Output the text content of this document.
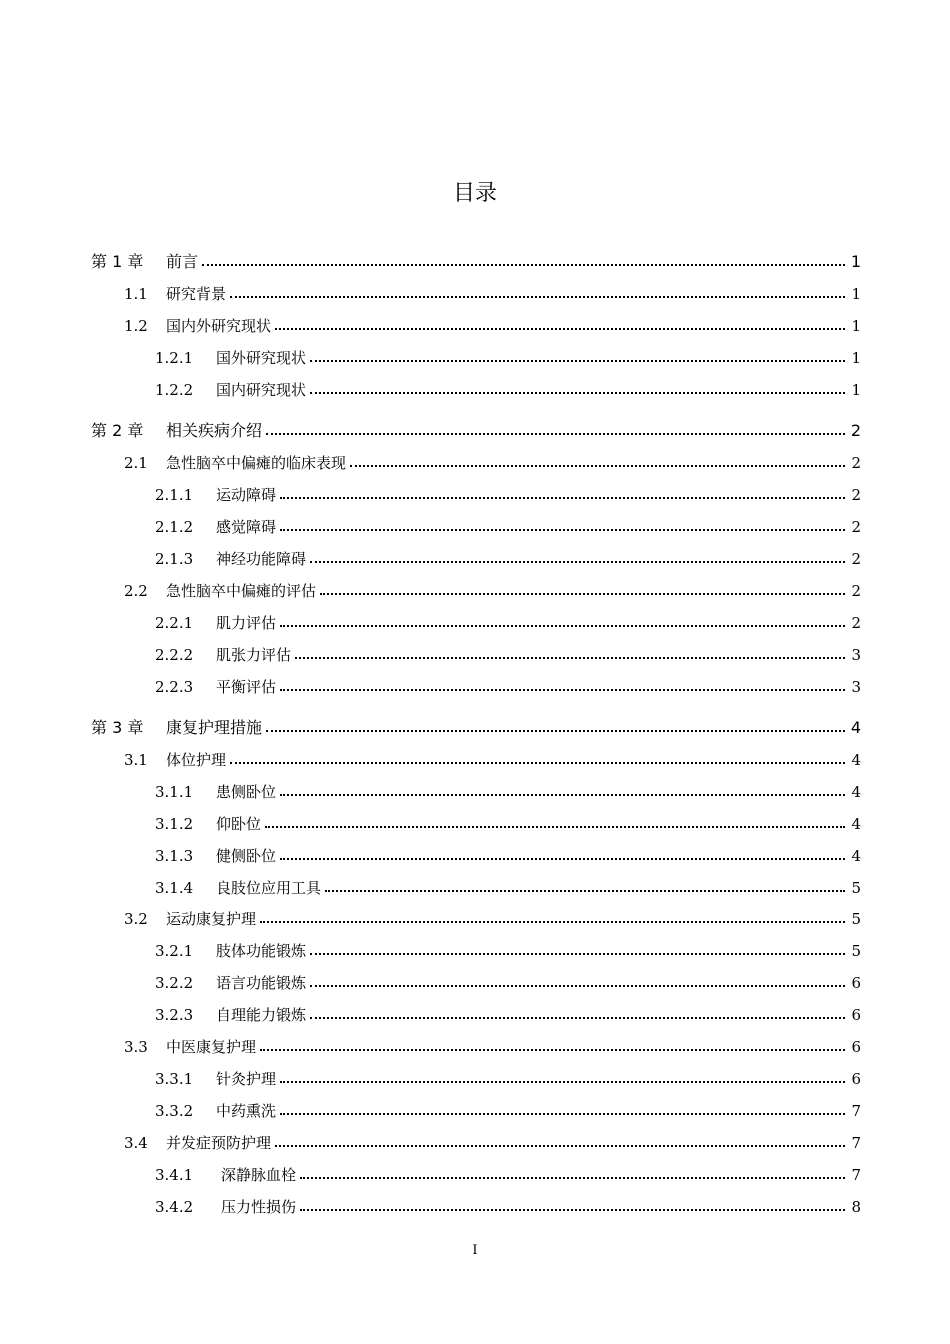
目录
第 1 章	前言	1
1.1	研究背景	1
1.2	国内外研究现状	1
1.2.1	国外研究现状	1
1.2.2	国内研究现状	1
第 2 章	相关疾病介绍	2
2.1	急性脑卒中偏瘫的临床表现	2
2.1.1	运动障碍	2
2.1.2	感觉障碍	2
2.1.3	神经功能障碍	2
2.2	急性脑卒中偏瘫的评估	2
2.2.1	肌力评估	2
2.2.2	肌张力评估	3
2.2.3	平衡评估	3
第 3 章	康复护理措施	4
3.1	体位护理	4
3.1.1	患侧卧位	4
3.1.2	仰卧位	4
3.1.3	健侧卧位	4
3.1.4	良肢位应用工具	5
3.2	运动康复护理	5
3.2.1	肢体功能锻炼	5
3.2.2	语言功能锻炼	6
3.2.3	自理能力锻炼	6
3.3	中医康复护理	6
3.3.1	针灸护理	6
3.3.2	中药熏洗	7
3.4	并发症预防护理	7
3.4.1	深静脉血栓	7
3.4.2	压力性损伤	8
I
